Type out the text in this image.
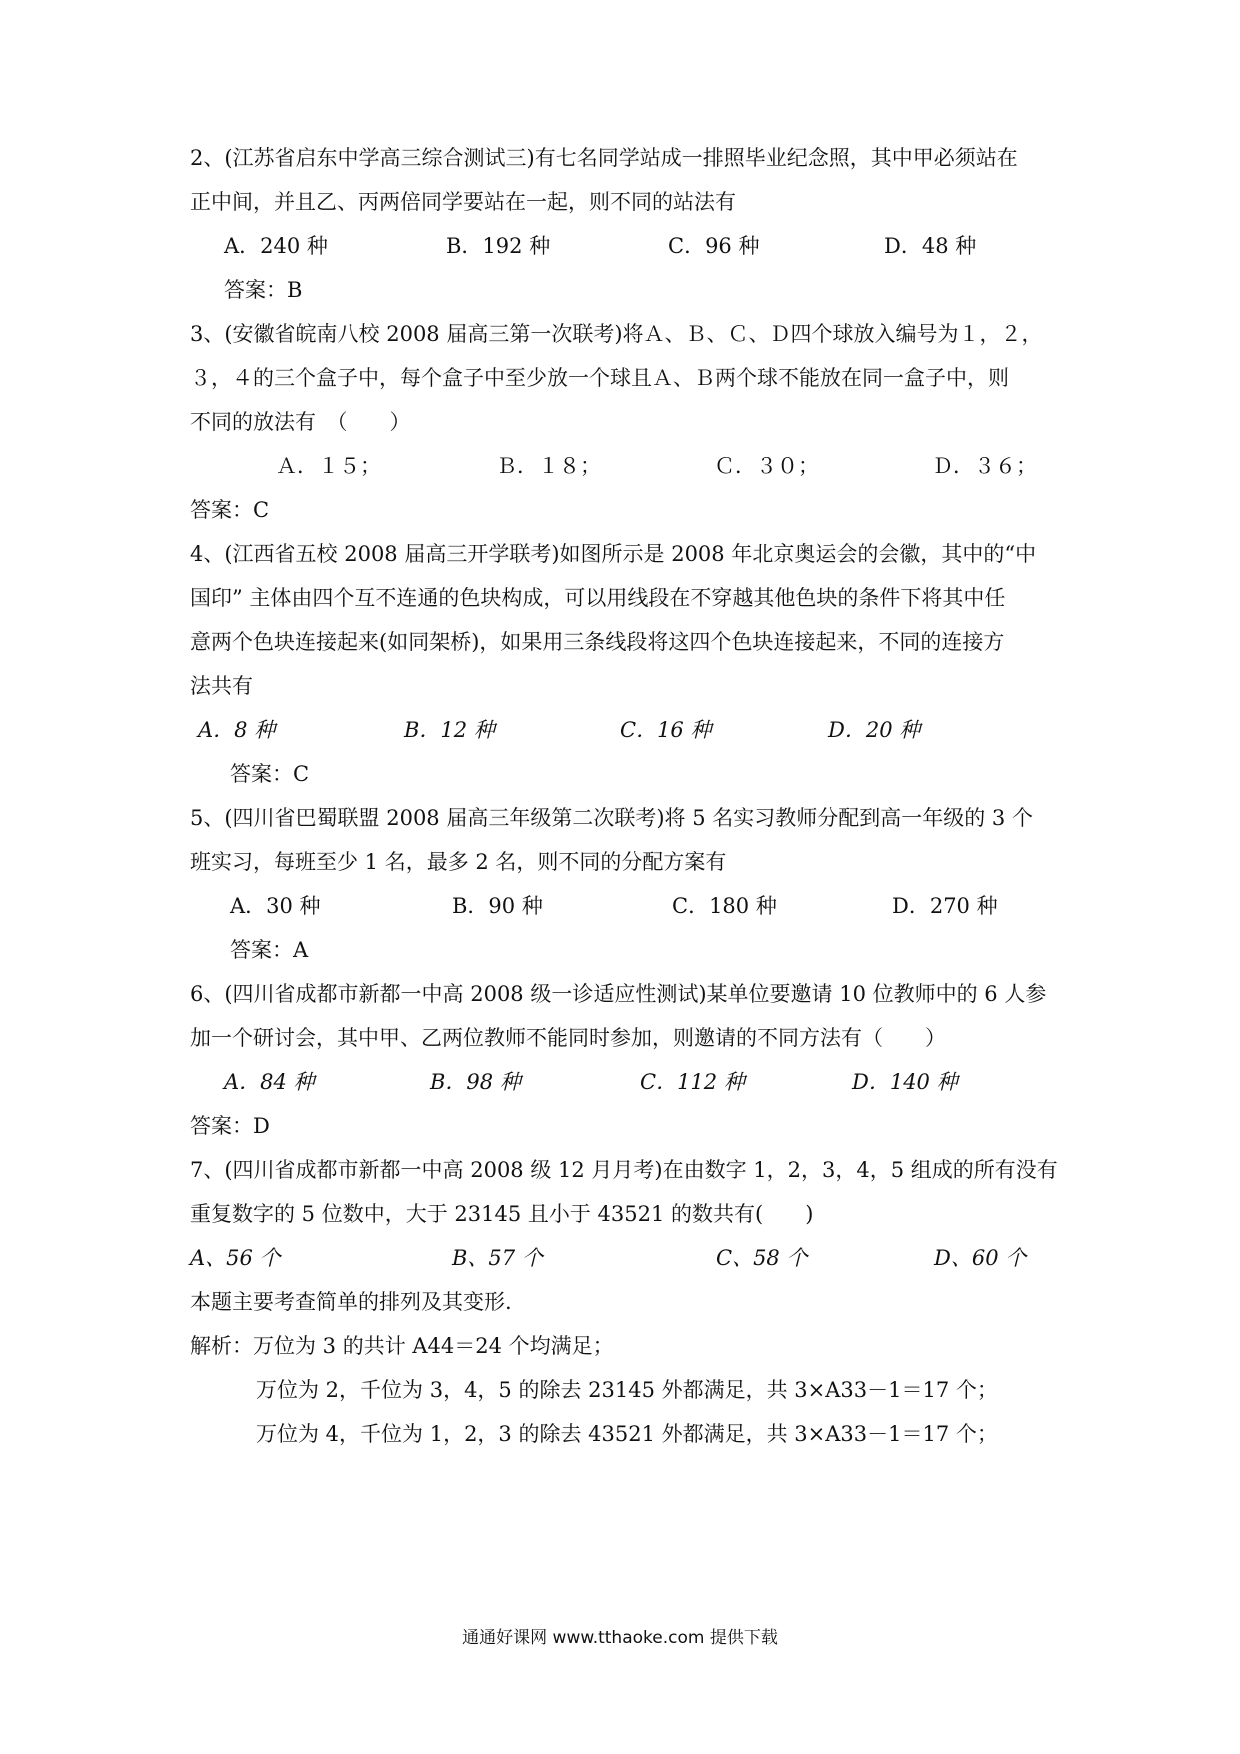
2、(江苏省启东中学高三综合测试三)有七名同学站成一排照毕业纪念照，其中甲必须站在
正中间，并且乙、丙两倍同学要站在一起，则不同的站法有
A．240 种	B．192 种	C．96 种	D．48 种
答案：B
3、(安徽省皖南八校 2008 届高三第一次联考)将Ａ、Ｂ、Ｃ、Ｄ四个球放入编号为１，２，
３，４的三个盒子中，每个盒子中至少放一个球且Ａ、Ｂ两个球不能放在同一盒子中，则
不同的放法有　（　　）
Ａ．１５；	Ｂ．１８；	Ｃ．３０；	Ｄ．３６；
答案：C
4、(江西省五校 2008 届高三开学联考)如图所示是 2008 年北京奥运会的会徽，其中的“中
国印” 主体由四个互不连通的色块构成，可以用线段在不穿越其他色块的条件下将其中任
意两个色块连接起来(如同架桥)，如果用三条线段将这四个色块连接起来，不同的连接方
法共有
A．8 种	B．12 种	C．16 种	D．20 种
答案：C
5、(四川省巴蜀联盟 2008 届高三年级第二次联考)将 5 名实习教师分配到高一年级的 3 个
班实习，每班至少 1 名，最多 2 名，则不同的分配方案有
A．30 种	B．90 种	C．180 种	D．270 种
答案：A
6、(四川省成都市新都一中高 2008 级一诊适应性测试)某单位要邀请 10 位教师中的 6 人参
加一个研讨会，其中甲、乙两位教师不能同时参加，则邀请的不同方法有（　　）
A．84 种	B．98 种	C．112 种	D．140 种
答案：D
7、(四川省成都市新都一中高 2008 级 12 月月考)在由数字 1，2，3，4，5 组成的所有没有
重复数字的 5 位数中，大于 23145 且小于 43521 的数共有(　　)
A、56 个	B、57 个	C、58 个	D、60 个
本题主要考查简单的排列及其变形.
解析：万位为 3 的共计 A44＝24 个均满足；
万位为 2，千位为 3，4，5 的除去 23145 外都满足，共 3×A33－1＝17 个；
万位为 4，千位为 1，2，3 的除去 43521 外都满足，共 3×A33－1＝17 个；
通通好课网 www.tthaoke.com 提供下载
